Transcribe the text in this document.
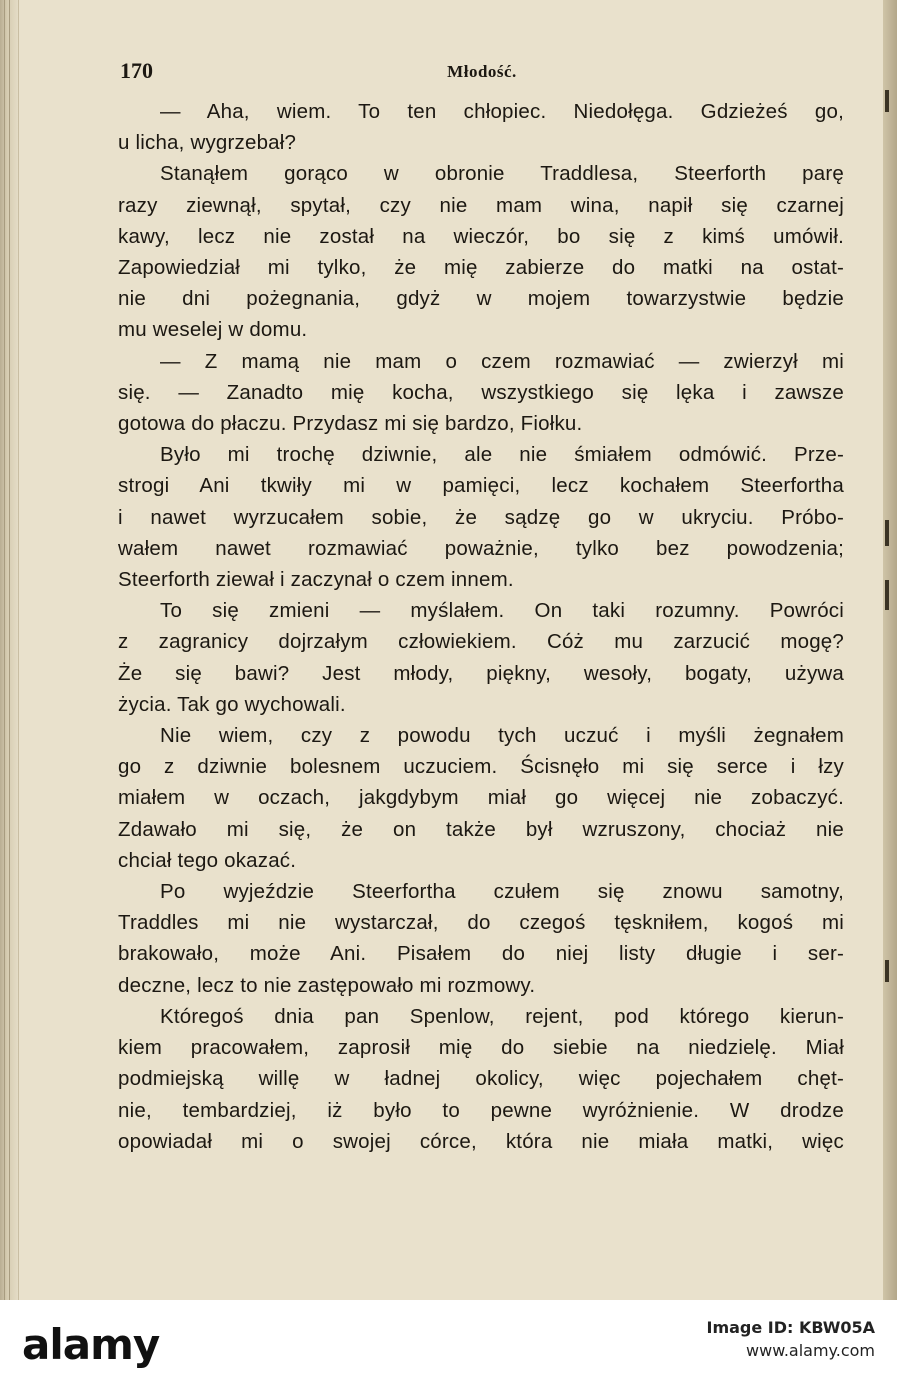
170	Młodość.
— Aha, wiem. To ten chłopiec. Niedołęga. Gdzieżeś go,
u licha, wygrzebał?
Stanąłem gorąco w obronie Traddlesa, Steerforth parę
razy ziewnął, spytał, czy nie mam wina, napił się czarnej
kawy, lecz nie został na wieczór, bo się z kimś umówił.
Zapowiedział mi tylko, że mię zabierze do matki na ostat-
nie dni pożegnania, gdyż w mojem towarzystwie będzie
mu weselej w domu.
— Z mamą nie mam o czem rozmawiać — zwierzył mi
się. — Zanadto mię kocha, wszystkiego się lęka i zawsze
gotowa do płaczu. Przydasz mi się bardzo, Fiołku.
Było mi trochę dziwnie, ale nie śmiałem odmówić. Prze-
strogi Ani tkwiły mi w pamięci, lecz kochałem Steerfortha
i nawet wyrzucałem sobie, że sądzę go w ukryciu. Próbo-
wałem nawet rozmawiać poważnie, tylko bez powodzenia;
Steerforth ziewał i zaczynał o czem innem.
To się zmieni — myślałem. On taki rozumny. Powróci
z zagranicy dojrzałym człowiekiem. Cóż mu zarzucić mogę?
Że się bawi? Jest młody, piękny, wesoły, bogaty, używa
życia. Tak go wychowali.
Nie wiem, czy z powodu tych uczuć i myśli żegnałem
go z dziwnie bolesnem uczuciem. Ścisnęło mi się serce i łzy
miałem w oczach, jakgdybym miał go więcej nie zobaczyć.
Zdawało mi się, że on także był wzruszony, chociaż nie
chciał tego okazać.
Po wyjeździe Steerfortha czułem się znowu samotny,
Traddles mi nie wystarczał, do czegoś tęskniłem, kogoś mi
brakowało, może Ani. Pisałem do niej listy długie i ser-
deczne, lecz to nie zastępowało mi rozmowy.
Któregoś dnia pan Spenlow, rejent, pod którego kierun-
kiem pracowałem, zaprosił mię do siebie na niedzielę. Miał
podmiejską willę w ładnej okolicy, więc pojechałem chęt-
nie, tembardziej, iż było to pewne wyróżnienie. W drodze
opowiadał mi o swojej córce, która nie miała matki, więc
alamy	Image ID: KBW05A
www.alamy.com
